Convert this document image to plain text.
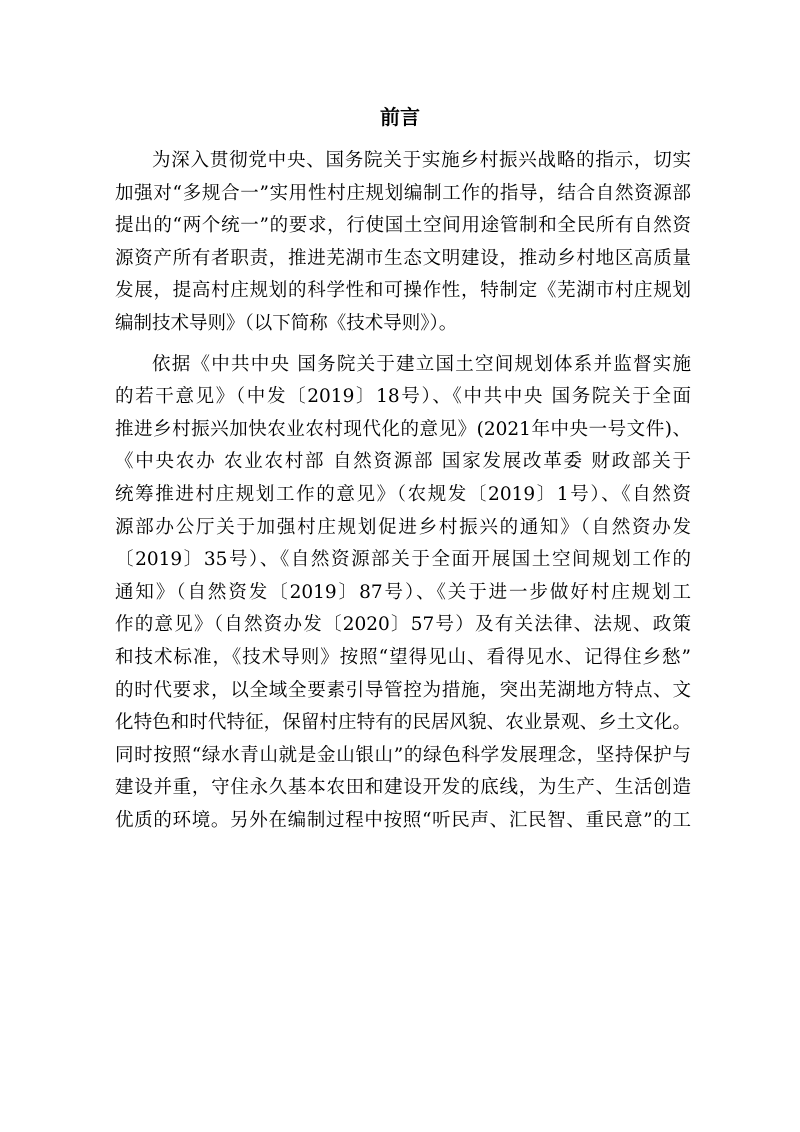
前言
为深入贯彻党中央、国务院关于实施乡村振兴战略的指示，切实
加强对“多规合一”实用性村庄规划编制工作的指导，结合自然资源部
提出的“两个统一”的要求，行使国土空间用途管制和全民所有自然资
源资产所有者职责，推进芜湖市生态文明建设，推动乡村地区高质量
发展，提高村庄规划的科学性和可操作性，特制定《芜湖市村庄规划
编制技术导则》（以下简称《技术导则》）。
依据《中共中央 国务院关于建立国土空间规划体系并监督实施
的若干意见》（中发〔2019〕18号）、《中共中央 国务院关于全面
推进乡村振兴加快农业农村现代化的意见》(2021年中央一号文件)、
《中央农办 农业农村部 自然资源部 国家发展改革委 财政部关于
统筹推进村庄规划工作的意见》（农规发〔2019〕1号）、《自然资
源部办公厅关于加强村庄规划促进乡村振兴的通知》（自然资办发
〔2019〕35号）、《自然资源部关于全面开展国土空间规划工作的
通知》（自然资发〔2019〕87号）、《关于进一步做好村庄规划工
作的意见》（自然资办发〔2020〕57号）及有关法律、法规、政策
和技术标准，《技术导则》按照“望得见山、看得见水、记得住乡愁”
的时代要求，以全域全要素引导管控为措施，突出芜湖地方特点、文
化特色和时代特征，保留村庄特有的民居风貌、农业景观、乡土文化。
同时按照“绿水青山就是金山银山”的绿色科学发展理念，坚持保护与
建设并重，守住永久基本农田和建设开发的底线，为生产、生活创造
优质的环境。另外在编制过程中按照“听民声、汇民智、重民意”的工
